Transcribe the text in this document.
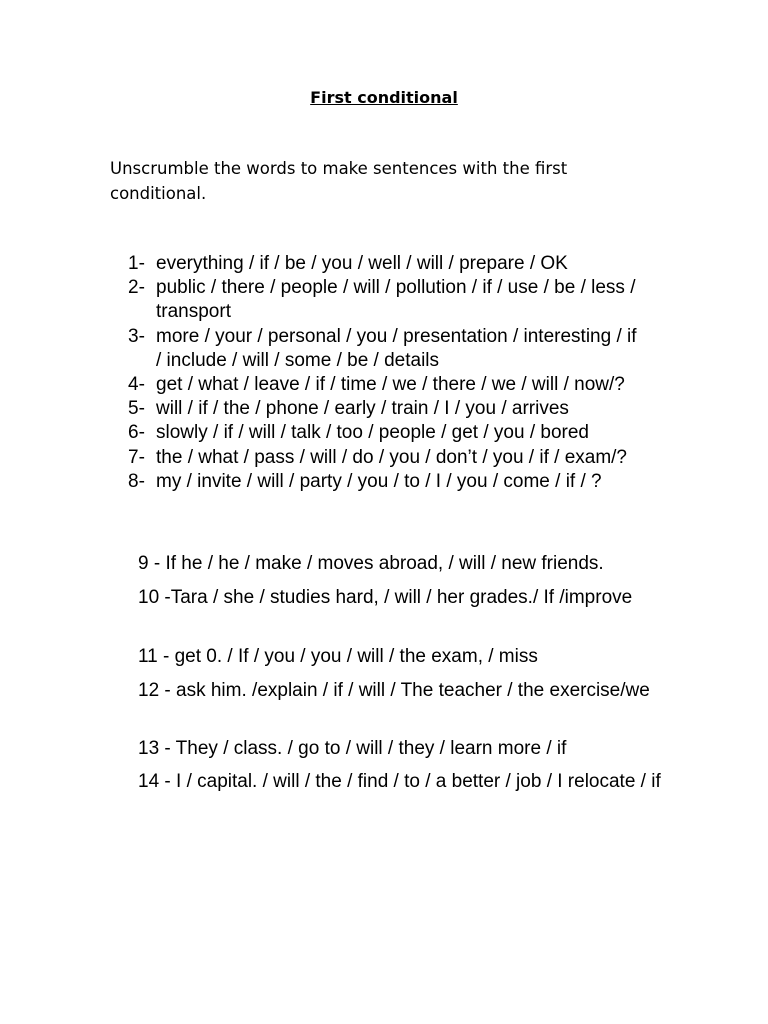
First conditional
Unscrumble the words to make sentences with the first conditional.
1- everything / if / be / you / well / will / prepare / OK
2- public / there / people / will / pollution / if / use / be / less / transport
3- more / your / personal / you / presentation / interesting / if / include / will / some / be / details
4- get / what / leave / if / time / we / there / we / will / now/?
5- will / if / the / phone / early / train / I / you / arrives
6- slowly / if / will / talk / too / people / get / you / bored
7- the / what / pass / will / do / you / don’t / you / if / exam/?
8- my / invite / will / party / you / to / I / you / come / if / ?

9 - If he / he / make / moves abroad, / will / new friends.

10 -Tara / she / studies hard, / will / her grades./ If /improve

11 - get 0. / If / you / you / will / the exam, / miss

12 - ask him. /explain / if / will / The teacher / the exercise/we

13 - They / class. / go to / will / they / learn more / if

14 - I / capital. / will / the / find / to / a better / job / I relocate / if
